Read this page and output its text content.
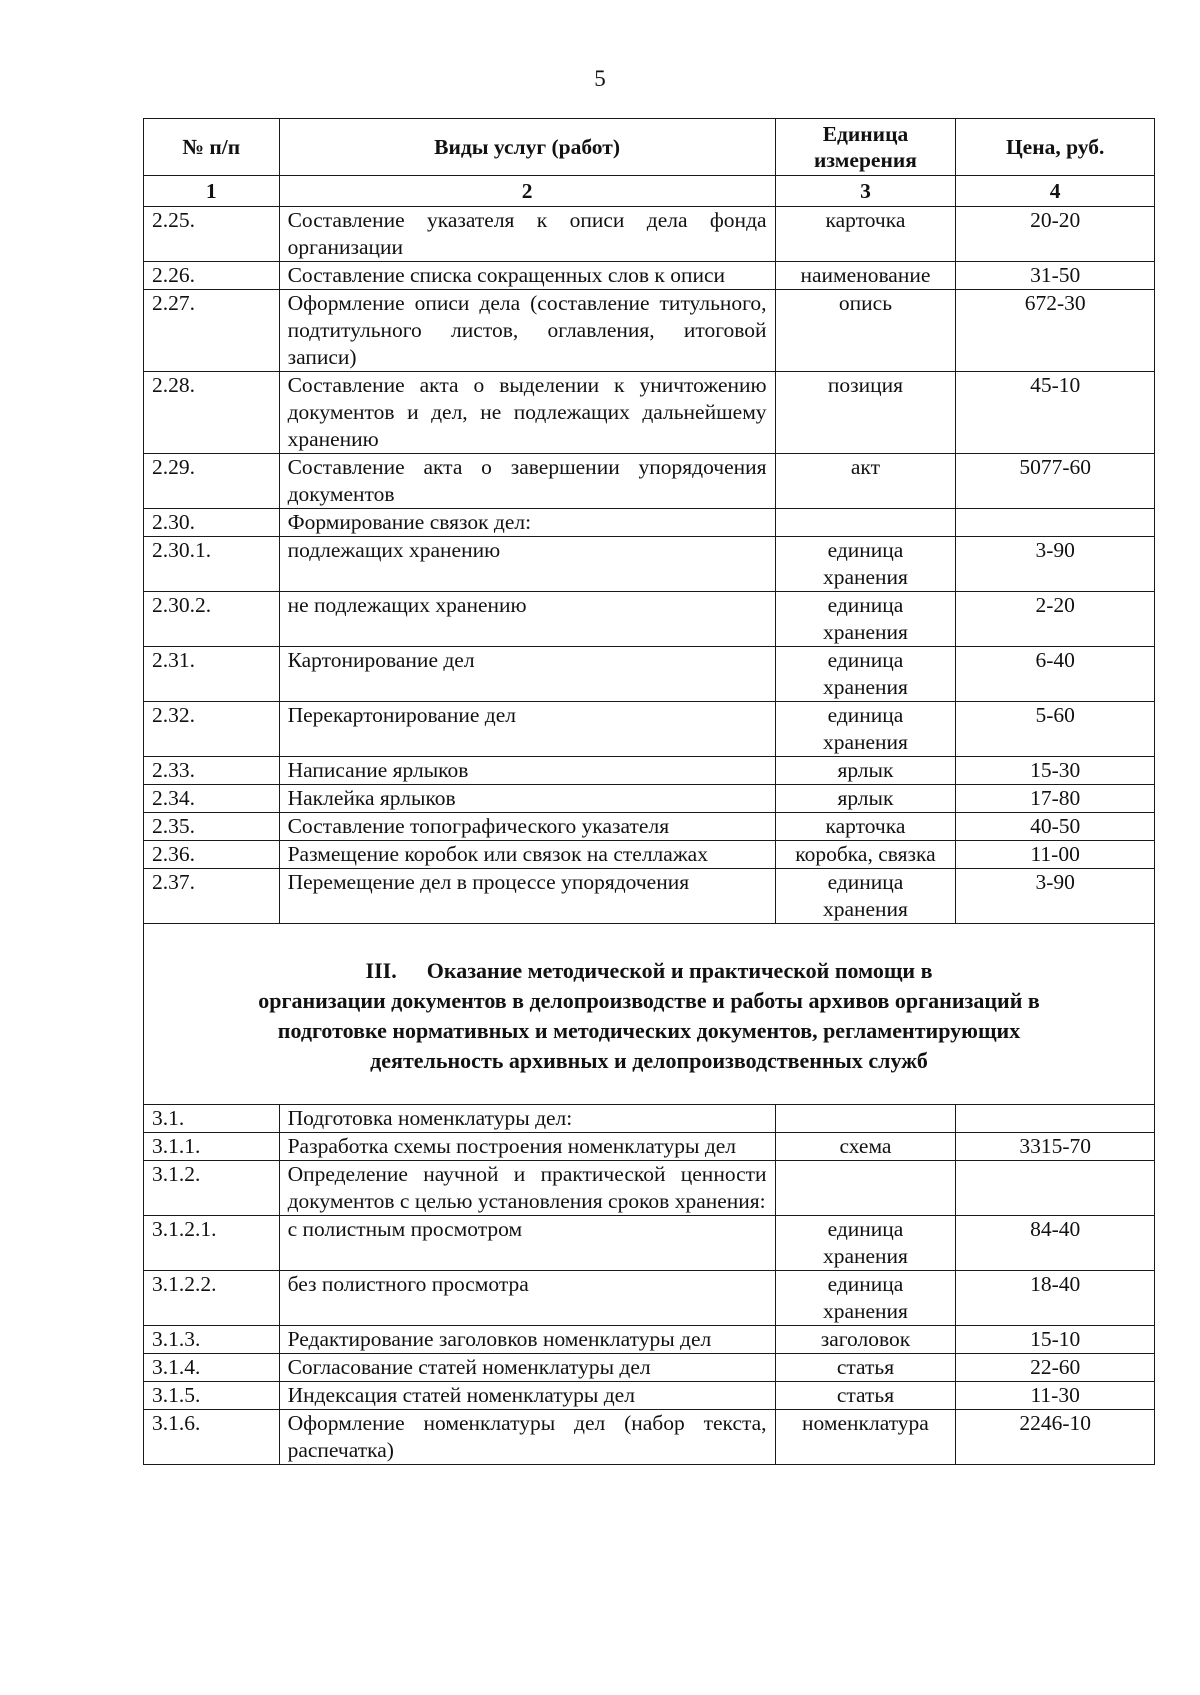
5
№ п/п	Виды услуг (работ)	Единица измерения	Цена, руб.
1	2	3	4
2.25.	Составление указателя к описи дела фонда организации	карточка	20-20
2.26.	Составление списка сокращенных слов к описи	наименование	31-50
2.27.	Оформление описи дела (составление титульного, подтитульного листов, оглавления, итоговой записи)	опись	672-30
2.28.	Составление акта о выделении к уничтожению документов и дел, не подлежащих дальнейшему хранению	позиция	45-10
2.29.	Составление акта о завершении упорядочения документов	акт	5077-60
2.30.	Формирование связок дел:		
2.30.1.	подлежащих хранению	единица хранения	3-90
2.30.2.	не подлежащих хранению	единица хранения	2-20
2.31.	Картонирование дел	единица хранения	6-40
2.32.	Перекартонирование дел	единица хранения	5-60
2.33.	Написание ярлыков	ярлык	15-30
2.34.	Наклейка ярлыков	ярлык	17-80
2.35.	Составление топографического указателя	карточка	40-50
2.36.	Размещение коробок или связок на стеллажах	коробка, связка	11-00
2.37.	Перемещение дел в процессе упорядочения	единица хранения	3-90

III. Оказание методической и практической помощи в
организации документов в делопроизводстве и работы архивов организаций в
подготовке нормативных и методических документов, регламентирующих
деятельность архивных и делопроизводственных служб			

3.1.	Подготовка номенклатуры дел:		
3.1.1.	Разработка схемы построения номенклатуры дел	схема	3315-70
3.1.2.	Определение научной и практической ценности документов с целью установления сроков хранения:		
3.1.2.1.	с полистным просмотром	единица хранения	84-40
3.1.2.2.	без полистного просмотра	единица хранения	18-40
3.1.3.	Редактирование заголовков номенклатуры дел	заголовок	15-10
3.1.4.	Согласование статей номенклатуры дел	статья	22-60
3.1.5.	Индексация статей номенклатуры дел	статья	11-30
3.1.6.	Оформление номенклатуры дел (набор текста, распечатка)	номенклатура	2246-10
